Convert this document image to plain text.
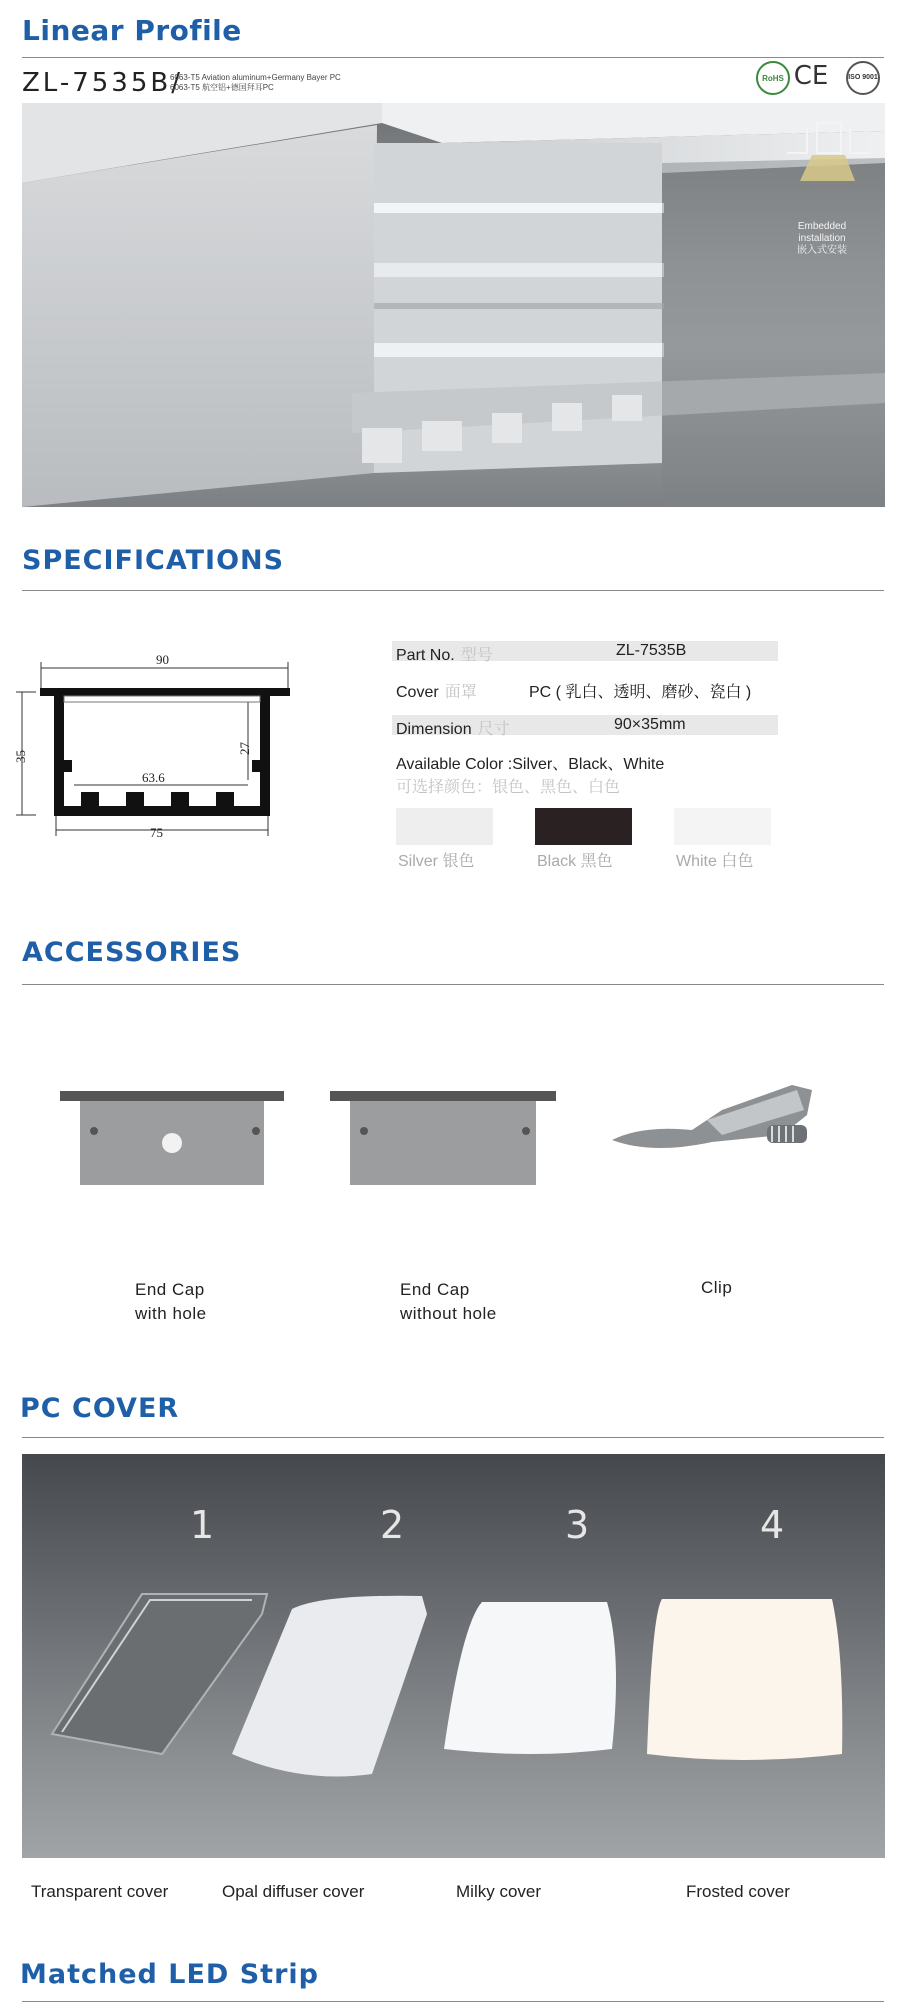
Linear Profile
ZL-7535B/
6063-T5 Aviation aluminum+Germany Bayer PC
6063-T5 航空铝+德国拜耳PC
RoHS CE	ISO 9001
Embedded
installation
嵌入式安装
SPECIFICATIONS
90
35
27
63.6
75
Part No. 型号	ZL-7535B
Cover 面罩	PC ( 乳白、透明、磨砂、瓷白 )
Dimension 尺寸	90×35mm
Available Color :Silver、Black、White
可选择颜色：银色、黑色、白色
Silver 银色	Black 黑色	White 白色
ACCESSORIES
End Cap
with hole
End Cap
without hole
Clip
PC COVER
1	2	3	4
Transparent cover	Opal diffuser cover	Milky cover	Frosted cover
Matched LED Strip
